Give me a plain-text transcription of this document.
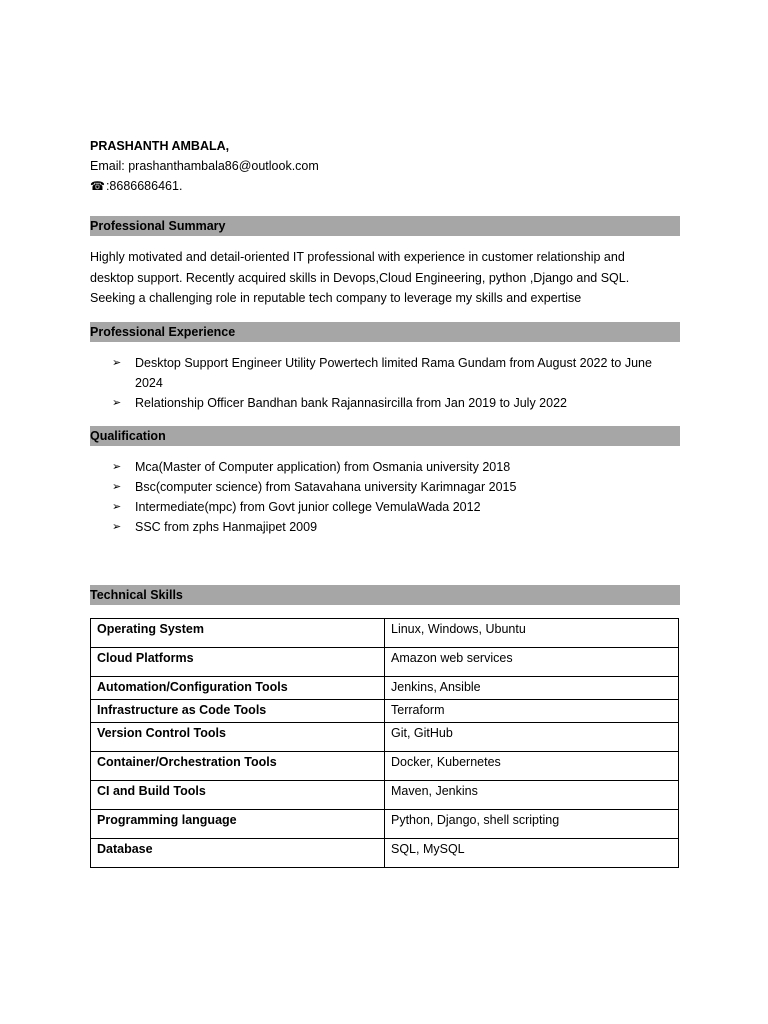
PRASHANTH AMBALA,
Email: prashanthambala86@outlook.com
☎:8686686461.
Professional Summary
Highly motivated and detail-oriented IT professional with experience in customer relationship and
desktop support. Recently acquired skills in Devops,Cloud Engineering, python ,Django and SQL.
Seeking a challenging role in reputable tech company to leverage my skills and expertise
Professional Experience
➢ Desktop Support Engineer Utility Powertech limited Rama Gundam from August 2022 to June 2024
➢ Relationship Officer Bandhan bank Rajannasircilla from Jan 2019 to July 2022
Qualification
➢ Mca(Master of Computer application) from Osmania university 2018
➢ Bsc(computer science) from Satavahana university Karimnagar 2015
➢ Intermediate(mpc) from Govt junior college VemulaWada 2012
➢ SSC from zphs Hanmajipet 2009
Technical Skills
Operating System	Linux, Windows, Ubuntu
Cloud Platforms	Amazon web services
Automation/Configuration Tools	Jenkins, Ansible
Infrastructure as Code Tools	Terraform
Version Control Tools	Git, GitHub
Container/Orchestration Tools	Docker, Kubernetes
CI and Build Tools	Maven, Jenkins
Programming language	Python, Django, shell scripting
Database	SQL, MySQL
